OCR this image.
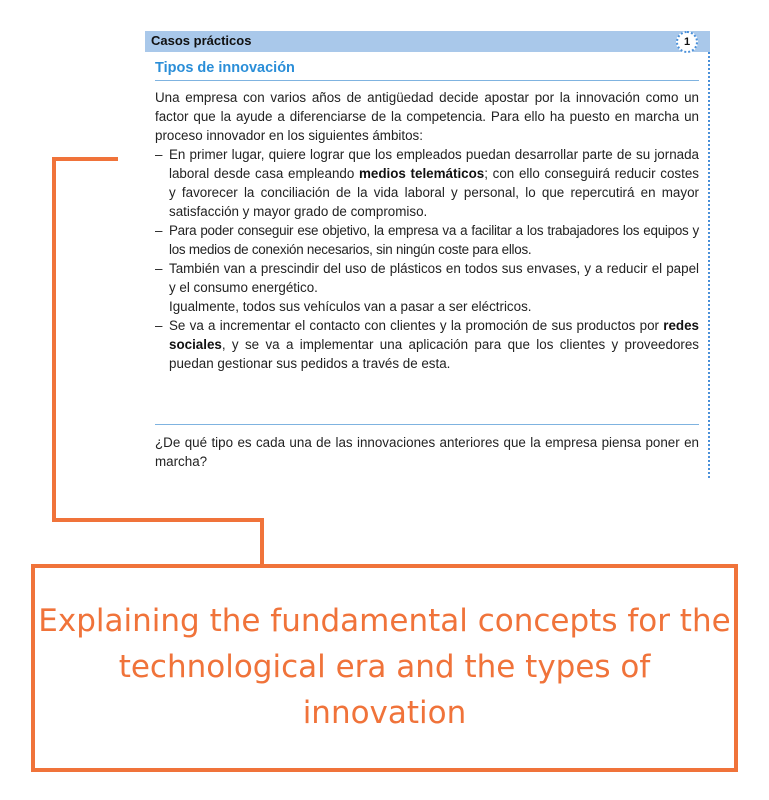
Casos prácticos	1
Tipos de innovación

Una empresa con varios años de antigüedad decide apostar por la innovación como un factor que la ayude a diferenciarse de la competencia. Para ello ha puesto en marcha un proceso innovador en los siguientes ámbitos:

– En primer lugar, quiere lograr que los empleados puedan desarrollar parte de su jornada laboral desde casa empleando medios telemáticos; con ello conseguirá reducir costes y favorecer la conciliación de la vida laboral y personal, lo que repercutirá en mayor satisfacción y mayor grado de compromiso.
– Para poder conseguir ese objetivo, la empresa va a facilitar a los trabajadores los equipos y los medios de conexión necesarios, sin ningún coste para ellos.
– También van a prescindir del uso de plásticos en todos sus envases, y a reducir el papel y el consumo energético.
Igualmente, todos sus vehículos van a pasar a ser eléctricos.
– Se va a incrementar el contacto con clientes y la promoción de sus productos por redes sociales, y se va a implementar una aplicación para que los clientes y proveedores puedan gestionar sus pedidos a través de esta.
¿De qué tipo es cada una de las innovaciones anteriores que la empresa piensa poner en marcha?
Explaining the fundamental concepts for the technological era and the types of innovation
